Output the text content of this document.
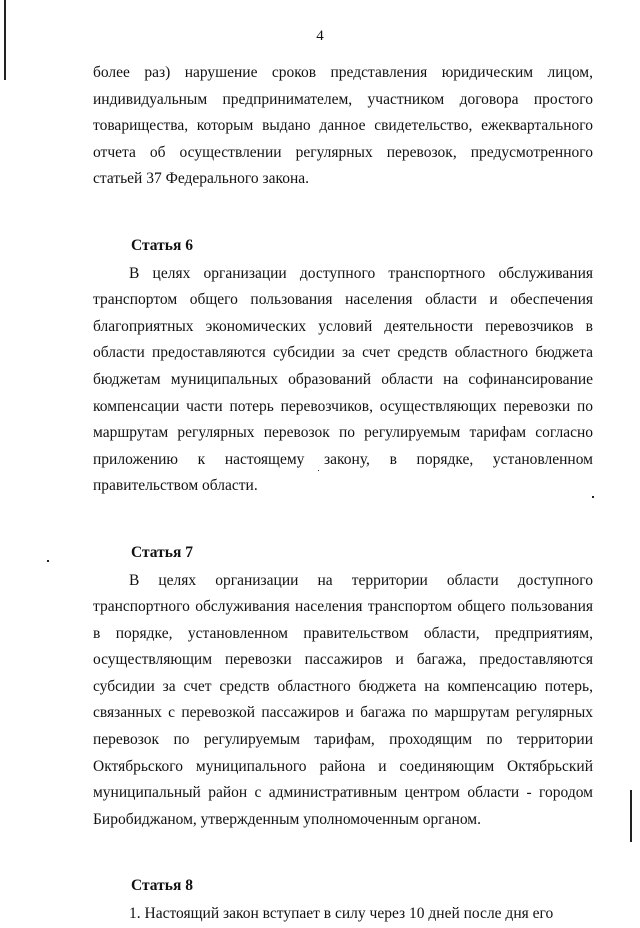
4

более раз) нарушение сроков представления юридическим лицом, индивидуальным предпринимателем, участником договора простого товарищества, которым выдано данное свидетельство, ежеквартального отчета об осуществлении регулярных перевозок, предусмотренного статьей 37 Федерального закона.

Статья 6

В целях организации доступного транспортного обслуживания транспортом общего пользования населения области и обеспечения благоприятных экономических условий деятельности перевозчиков в области предоставляются субсидии за счет средств областного бюджета бюджетам муниципальных образований области на софинансирование компенсации части потерь перевозчиков, осуществляющих перевозки по маршрутам регулярных перевозок по регулируемым тарифам согласно приложению к настоящему закону, в порядке, установленном правительством области.

Статья 7

В целях организации на территории области доступного транспортного обслуживания населения транспортом общего пользования в порядке, установленном правительством области, предприятиям, осуществляющим перевозки пассажиров и багажа, предоставляются субсидии за счет средств областного бюджета на компенсацию потерь, связанных с перевозкой пассажиров и багажа по маршрутам регулярных перевозок по регулируемым тарифам, проходящим по территории Октябрьского муниципального района и соединяющим Октябрьский муниципальный район с административным центром области - городом Биробиджаном, утвержденным уполномоченным органом.

Статья 8

1. Настоящий закон вступает в силу через 10 дней после дня его
